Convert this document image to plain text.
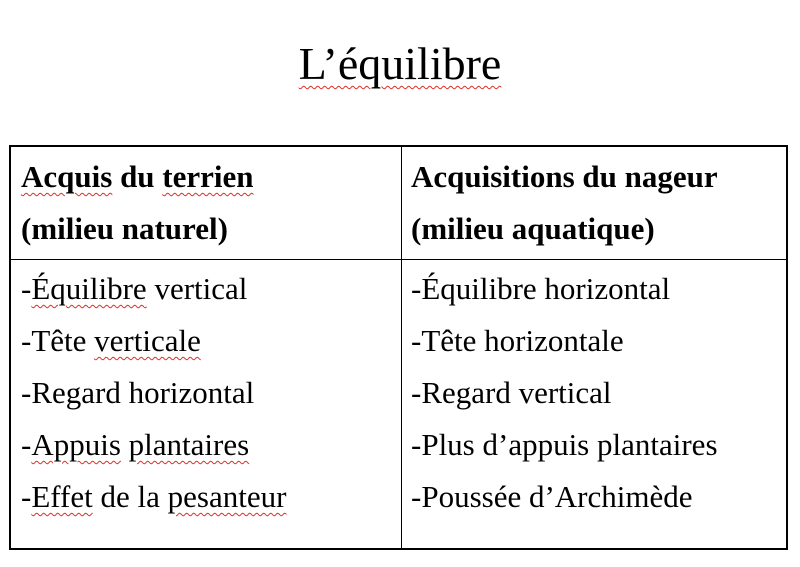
L’équilibre
Acquis du terrien
(milieu naturel)
Acquisitions du nageur
(milieu aquatique)
-Équilibre vertical
-Tête verticale
-Regard horizontal
-Appuis plantaires
-Effet de la pesanteur
-Équilibre horizontal
-Tête horizontale
-Regard vertical
-Plus d’appuis plantaires
-Poussée d’Archimède
